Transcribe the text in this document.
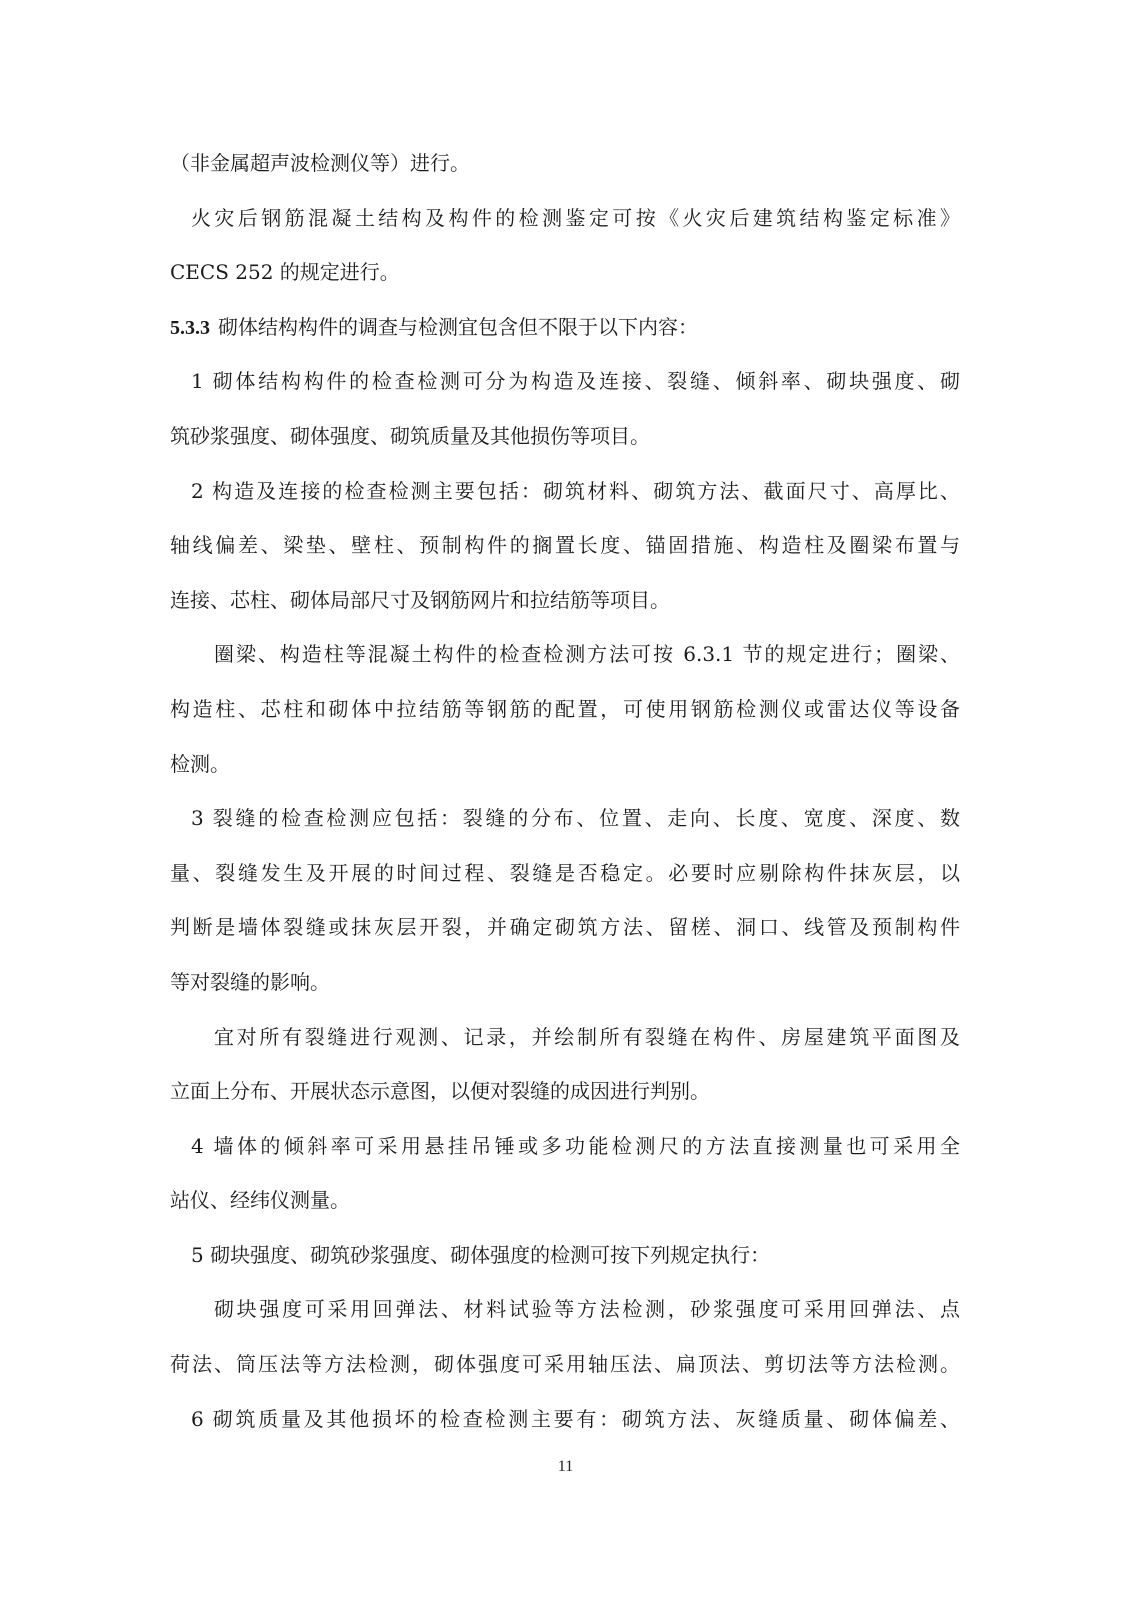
（非金属超声波检测仪等）进行。
火灾后钢筋混凝土结构及构件的检测鉴定可按《火灾后建筑结构鉴定标准》
CECS 252 的规定进行。
5.3.3 砌体结构构件的调查与检测宜包含但不限于以下内容：
1 砌体结构构件的检查检测可分为构造及连接、裂缝、倾斜率、砌块强度、砌
筑砂浆强度、砌体强度、砌筑质量及其他损伤等项目。
2 构造及连接的检查检测主要包括：砌筑材料、砌筑方法、截面尺寸、高厚比、
轴线偏差、梁垫、壁柱、预制构件的搁置长度、锚固措施、构造柱及圈梁布置与
连接、芯柱、砌体局部尺寸及钢筋网片和拉结筋等项目。
圈梁、构造柱等混凝土构件的检查检测方法可按 6.3.1 节的规定进行；圈梁、
构造柱、芯柱和砌体中拉结筋等钢筋的配置，可使用钢筋检测仪或雷达仪等设备
检测。
3 裂缝的检查检测应包括：裂缝的分布、位置、走向、长度、宽度、深度、数
量、裂缝发生及开展的时间过程、裂缝是否稳定。必要时应剔除构件抹灰层，以
判断是墙体裂缝或抹灰层开裂，并确定砌筑方法、留槎、洞口、线管及预制构件
等对裂缝的影响。
宜对所有裂缝进行观测、记录，并绘制所有裂缝在构件、房屋建筑平面图及
立面上分布、开展状态示意图，以便对裂缝的成因进行判别。
4 墙体的倾斜率可采用悬挂吊锤或多功能检测尺的方法直接测量也可采用全
站仪、经纬仪测量。
5 砌块强度、砌筑砂浆强度、砌体强度的检测可按下列规定执行：
砌块强度可采用回弹法、材料试验等方法检测，砂浆强度可采用回弹法、点
荷法、筒压法等方法检测，砌体强度可采用轴压法、扁顶法、剪切法等方法检测。
6 砌筑质量及其他损坏的检查检测主要有：砌筑方法、灰缝质量、砌体偏差、
11
